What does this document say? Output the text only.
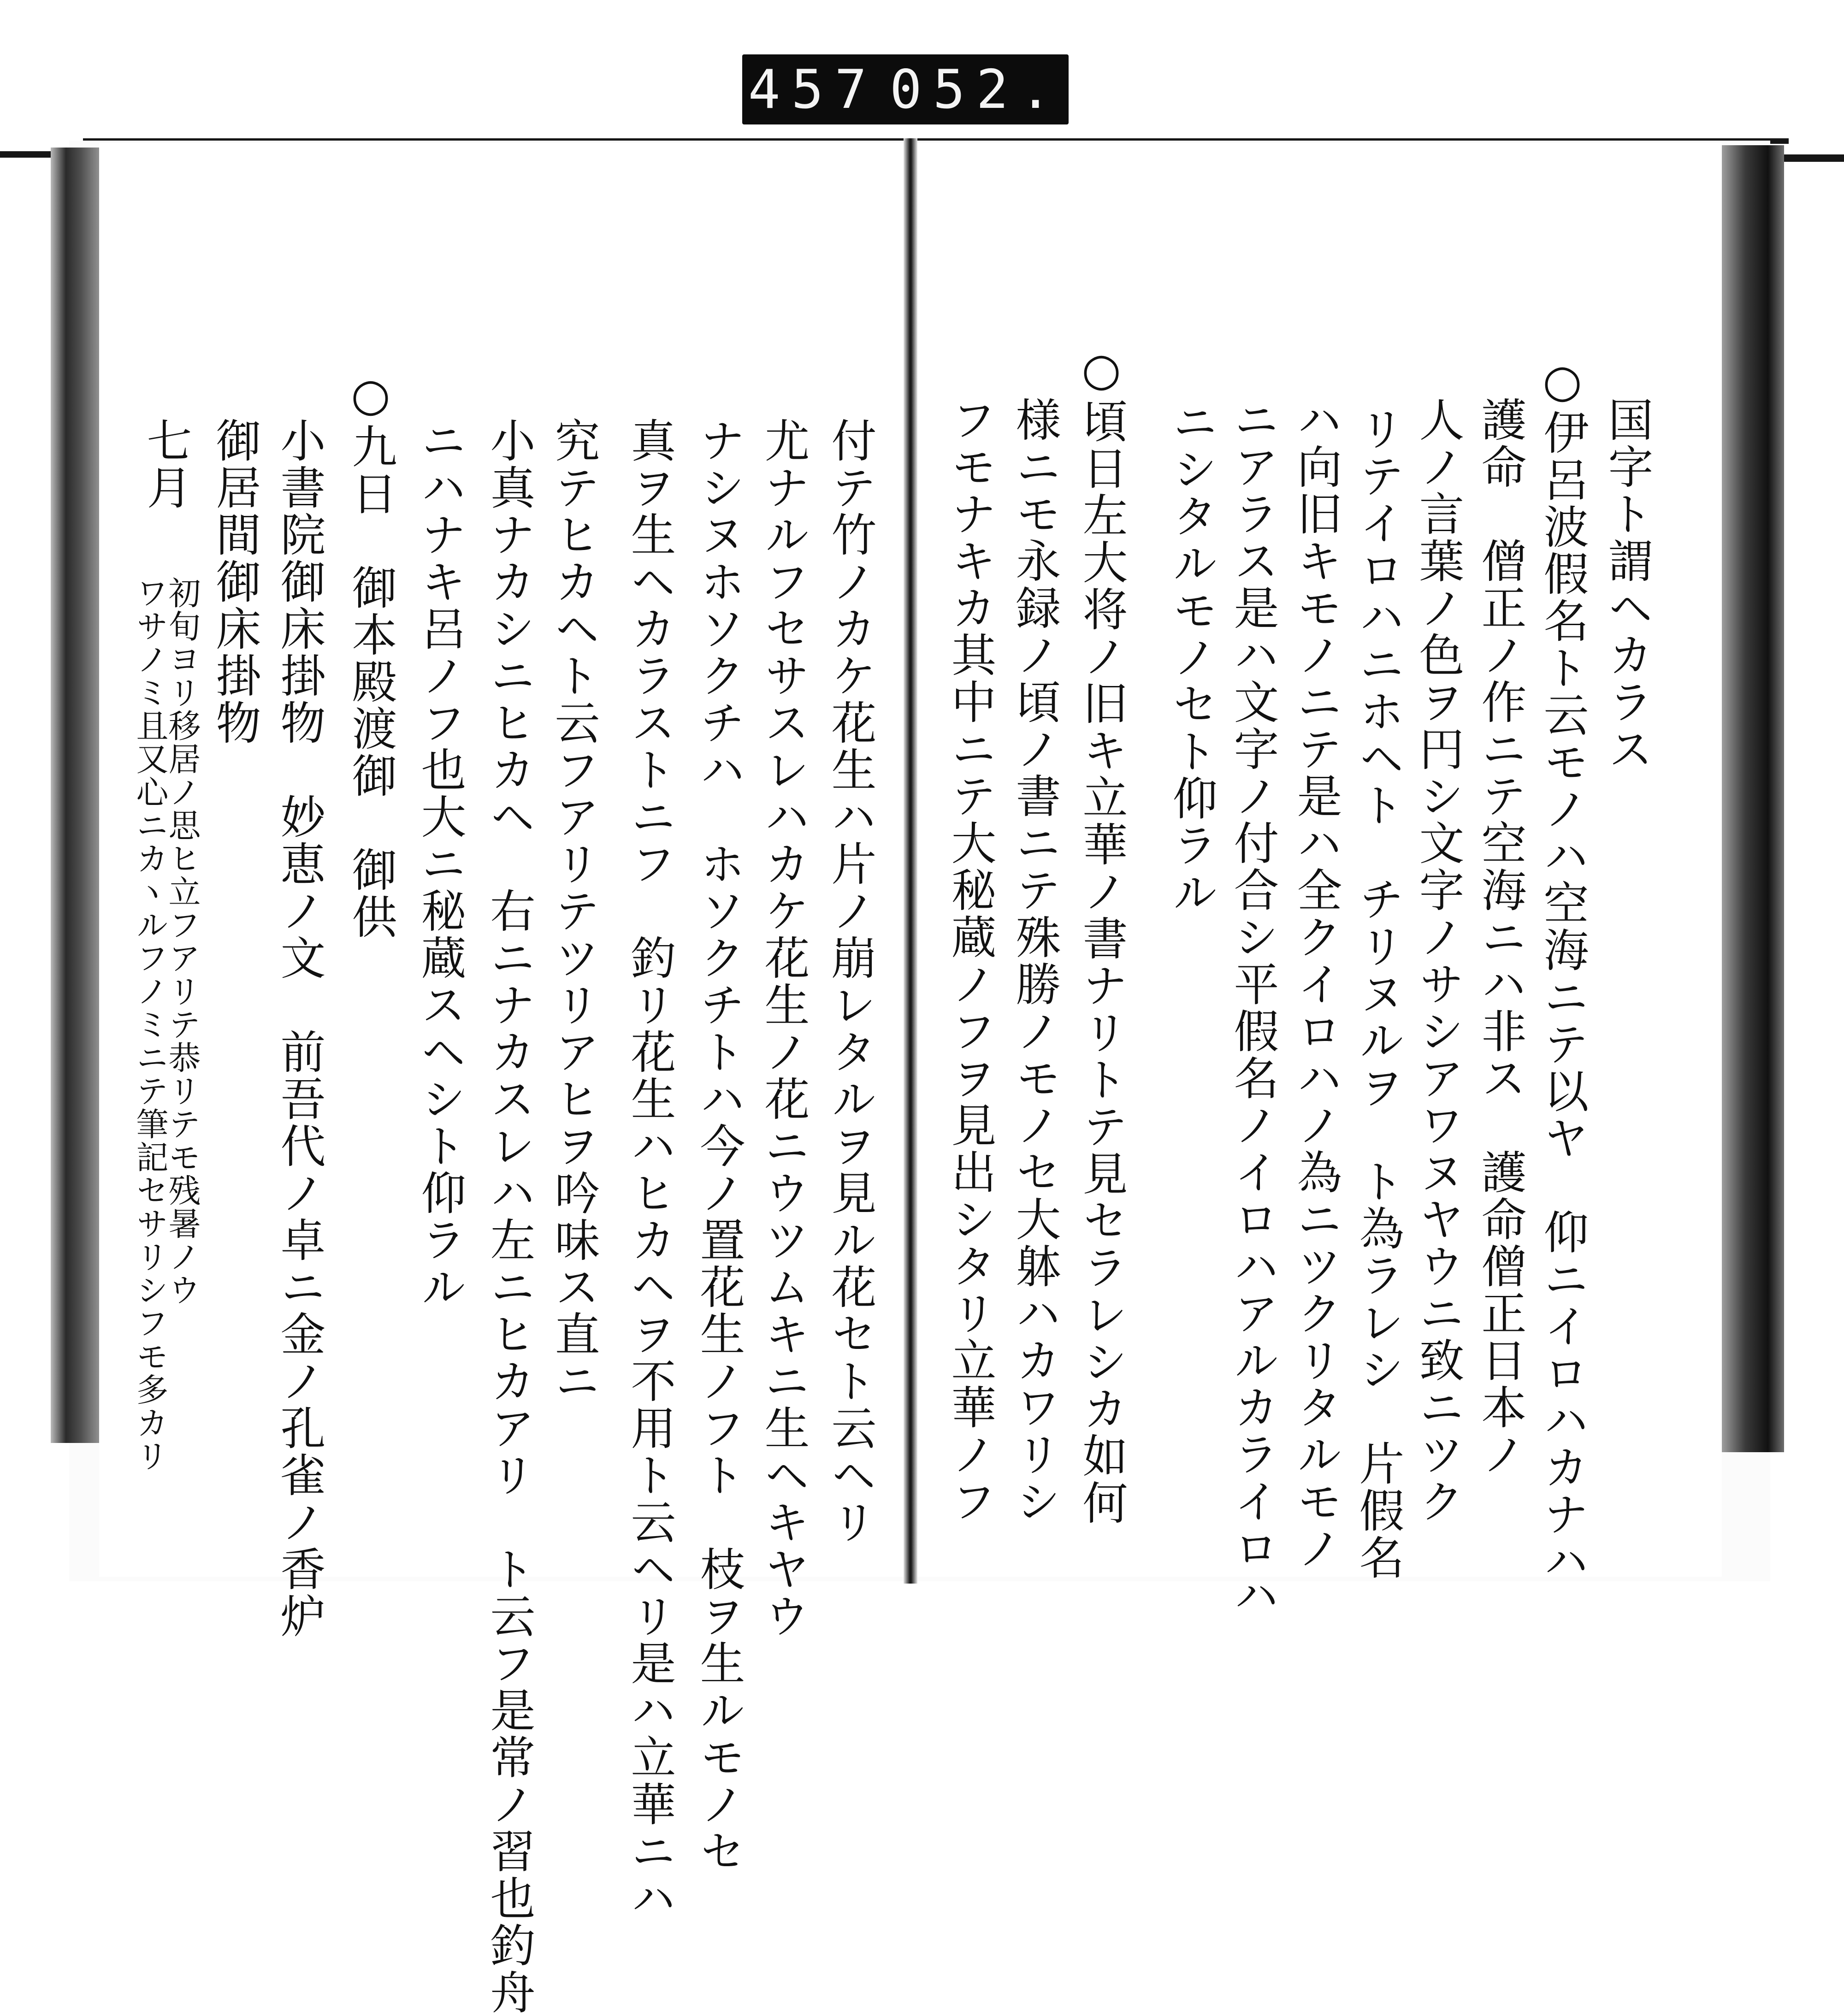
457 052.
国字ト謂ヘカラス
○伊呂波假名ト云モノハ空海ニテ以ヤ　仰ニイロハカナハ
護命　僧正ノ作ニテ空海ニハ非ス　護命僧正日本ノ
人ノ言葉ノ色ヲ円シ文字ノサシアワヌヤウニ致ニツク
リテイロハニホヘト　チリヌルヲ　ト為ラレシ　片假名
ハ向旧キモノニテ是ハ全クイロハノ為ニツクリタルモノ
ニアラス是ハ文字ノ付合シ平假名ノイロハアルカライロハ
ニシタルモノセト仰ラル
○頃日左大将ノ旧キ立華ノ書ナリトテ見セラレシカ如何
様ニモ永録ノ頃ノ書ニテ殊勝ノモノセ大躰ハカワリシ
フモナキカ其中ニテ大秘蔵ノフヲ見出シタリ立華ノフ
付テ竹ノカケ花生ハ片ノ崩レタルヲ見ル花セト云ヘリ
尤ナルフセサスレハカケ花生ノ花ニウツムキニ生ヘキヤウ
ナシヌホソクチハ　ホソクチトハ今ノ置花生ノフト　枝ヲ生ルモノセ
真ヲ生ヘカラストニフ　釣リ花生ハヒカヘヲ不用ト云ヘリ是ハ立華ニハ
究テヒカヘト云フアリテツリアヒヲ吟味ス直ニ
小真ナカシニヒカヘ　右ニナカスレハ左ニヒカアリ　ト云フ是常ノ習也釣舟
ニハナキ呂ノフ也大ニ秘蔵スヘシト仰ラル
○九日　御本殿渡御　御供
小書院御床掛物　妙恵ノ文　前吾代ノ卓ニ金ノ孔雀ノ香炉
御居間御床掛物
七月
初旬ヨリ移居ノ思ヒ立フアリテ恭リテモ残暑ノウ
ワサノミ且又心ニカヽルフノミニテ筆記セサリシフモ多カリ
